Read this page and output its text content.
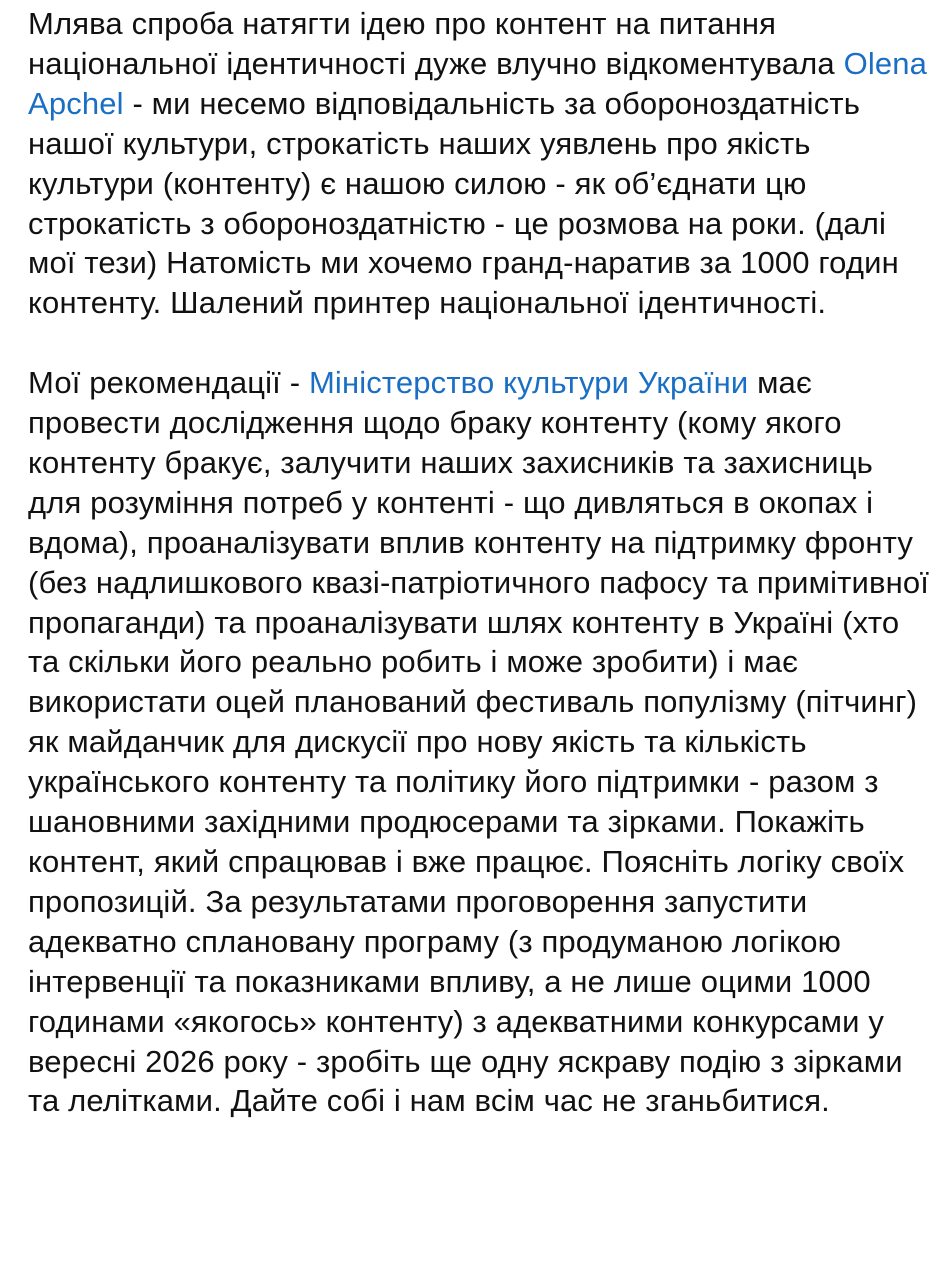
Млява спроба натягти ідею про контент на питання національної ідентичності дуже влучно відкоментувала Olena Apchel - ми несемо відповідальність за обороноздатність нашої культури, строкатість наших уявлень про якість культури (контенту) є нашою силою - як об’єднати цю строкатість з обороноздатністю - це розмова на роки. (далі мої тези) Натомість ми хочемо гранд-наратив за 1000 годин контенту. Шалений принтер національної ідентичності.

Мої рекомендації - Міністерство культури України має провести дослідження щодо браку контенту (кому якого контенту бракує, залучити наших захисників та захисниць для розуміння потреб у контенті - що дивляться в окопах і вдома), проаналізувати вплив контенту на підтримку фронту (без надлишкового квазі-патріотичного пафосу та примітивної пропаганди) та проаналізувати шлях контенту в Україні (хто та скільки його реально робить і може зробити) і має використати оцей планований фестиваль популізму (пітчинг) як майданчик для дискусії про нову якість та кількість українського контенту та політику його підтримки - разом з шановними західними продюсерами та зірками. Покажіть контент, який спрацював і вже працює. Поясніть логіку своїх пропозицій. За результатами проговорення запустити адекватно сплановану програму (з продуманою логікою інтервенції та показниками впливу, а не лише оцими 1000 годинами «якогось» контенту) з адекватними конкурсами у вересні 2026 року - зробіть ще одну яскраву подію з зірками та лелітками. Дайте собі і нам всім час не зганьбитися.
